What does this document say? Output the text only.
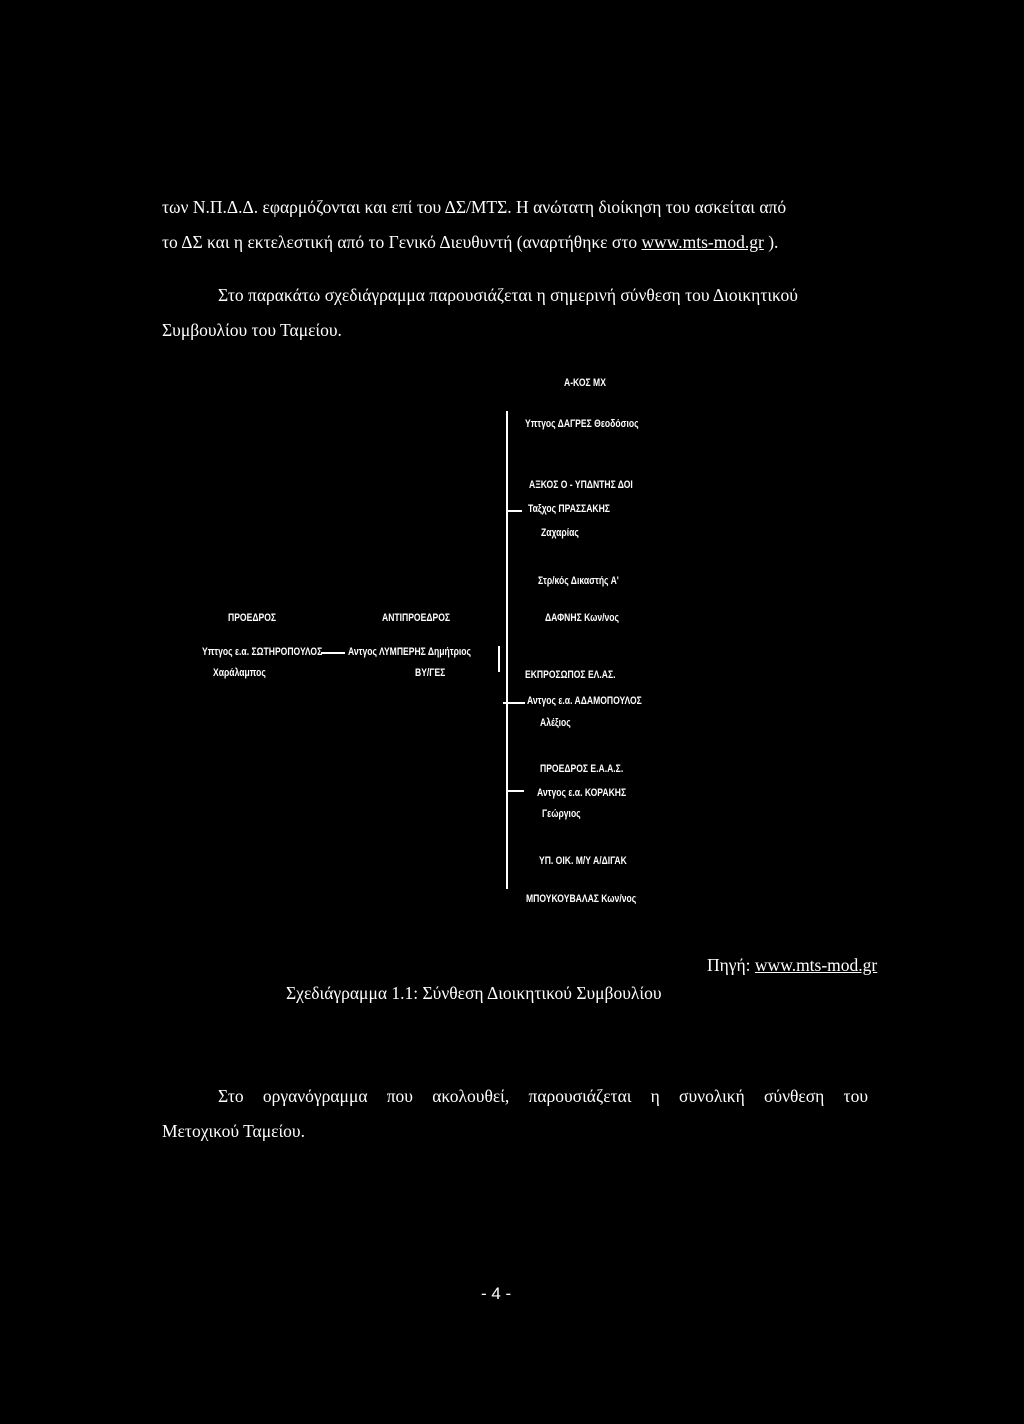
των Ν.Π.Δ.Δ. εφαρμόζονται και επί του ΔΣ/ΜΤΣ. Η ανώτατη διοίκηση του ασκείται από

το ΔΣ και η εκτελεστική από το Γενικό Διευθυντή (αναρτήθηκε στο www.mts-mod.gr ).

Στο παρακάτω σχεδιάγραμμα παρουσιάζεται η σημερινή σύνθεση του Διοικητικού

Συμβουλίου του Ταμείου.

Α-ΚΟΣ ΜΧ
Υπτγος ΔΑΓΡΕΣ Θεοδόσιος
ΑΞΚΟΣ Ο - ΥΠΔΝΤΗΣ ΔΟΙ
Ταξχος ΠΡΑΣΣΑΚΗΣ
Ζαχαρίας
Στρ/κός Δικαστής Α'
ΔΑΦΝΗΣ Κων/νος
ΠΡΟΕΔΡΟΣ
Υπτγος ε.α. ΣΩΤΗΡΟΠΟΥΛΟΣ
Χαράλαμπος
ΑΝΤΙΠΡΟΕΔΡΟΣ
Αντγος ΛΥΜΠΕΡΗΣ Δημήτριος
ΒΥ/ΓΕΣ	ΕΚΠΡΟΣΩΠΟΣ ΕΛ.ΑΣ.
Αντγος ε.α. ΑΔΑΜΟΠΟΥΛΟΣ
Αλέξιος
ΠΡΟΕΔΡΟΣ Ε.Α.Α.Σ.
Αντγος ε.α. ΚΟΡΑΚΗΣ
Γεώργιος
ΥΠ. ΟΙΚ. Μ/Υ Α/ΔΙΓΑΚ
ΜΠΟΥΚΟΥΒΑΛΑΣ Κων/νος
Πηγή: www.mts-mod.gr
Σχεδιάγραμμα 1.1: Σύνθεση Διοικητικού Συμβουλίου

Στο οργανόγραμμα που ακολουθεί, παρουσιάζεται η συνολική σύνθεση του

Μετοχικού Ταμείου.

- 4 -
